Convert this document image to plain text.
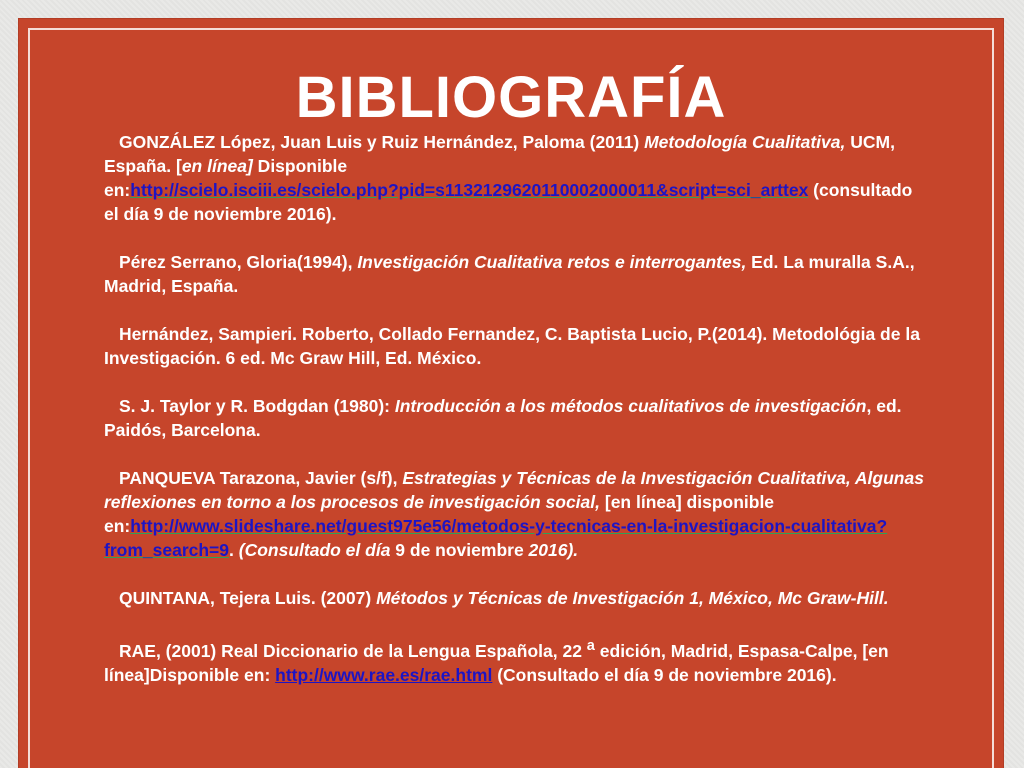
BIBLIOGRAFÍA

GONZÁLEZ López, Juan Luis y Ruiz Hernández, Paloma (2011) Metodología Cualitativa, UCM, España. [en línea] Disponible en:http://scielo.isciii.es/scielo.php?pid=s1132129620110002000011&script=sci_arttex (consultado el día 9 de noviembre 2016).

Pérez Serrano, Gloria(1994), Investigación Cualitativa retos e interrogantes, Ed. La muralla S.A., Madrid, España.

Hernández, Sampieri. Roberto, Collado Fernandez, C. Baptista Lucio, P.(2014). Metodológia de la Investigación. 6 ed. Mc Graw Hill, Ed. México.

S. J. Taylor y R. Bodgdan (1980): Introducción a los métodos cualitativos de investigación, ed. Paidós, Barcelona.

PANQUEVA Tarazona, Javier (s/f), Estrategias y Técnicas de la Investigación Cualitativa, Algunas reflexiones en torno a los procesos de investigación social, [en línea] disponible en:http://www.slideshare.net/guest975e56/metodos-y-tecnicas-en-la-investigacion-cualitativa?from_search=9. (Consultado el día 9 de noviembre 2016).

QUINTANA, Tejera Luis. (2007) Métodos y Técnicas de Investigación 1, México, Mc Graw-Hill.

RAE, (2001) Real Diccionario de la Lengua Española, 22 $^a$ edición, Madrid, Espasa-Calpe, [en línea]Disponible en: http://www.rae.es/rae.html (Consultado el día 9 de noviembre 2016).
